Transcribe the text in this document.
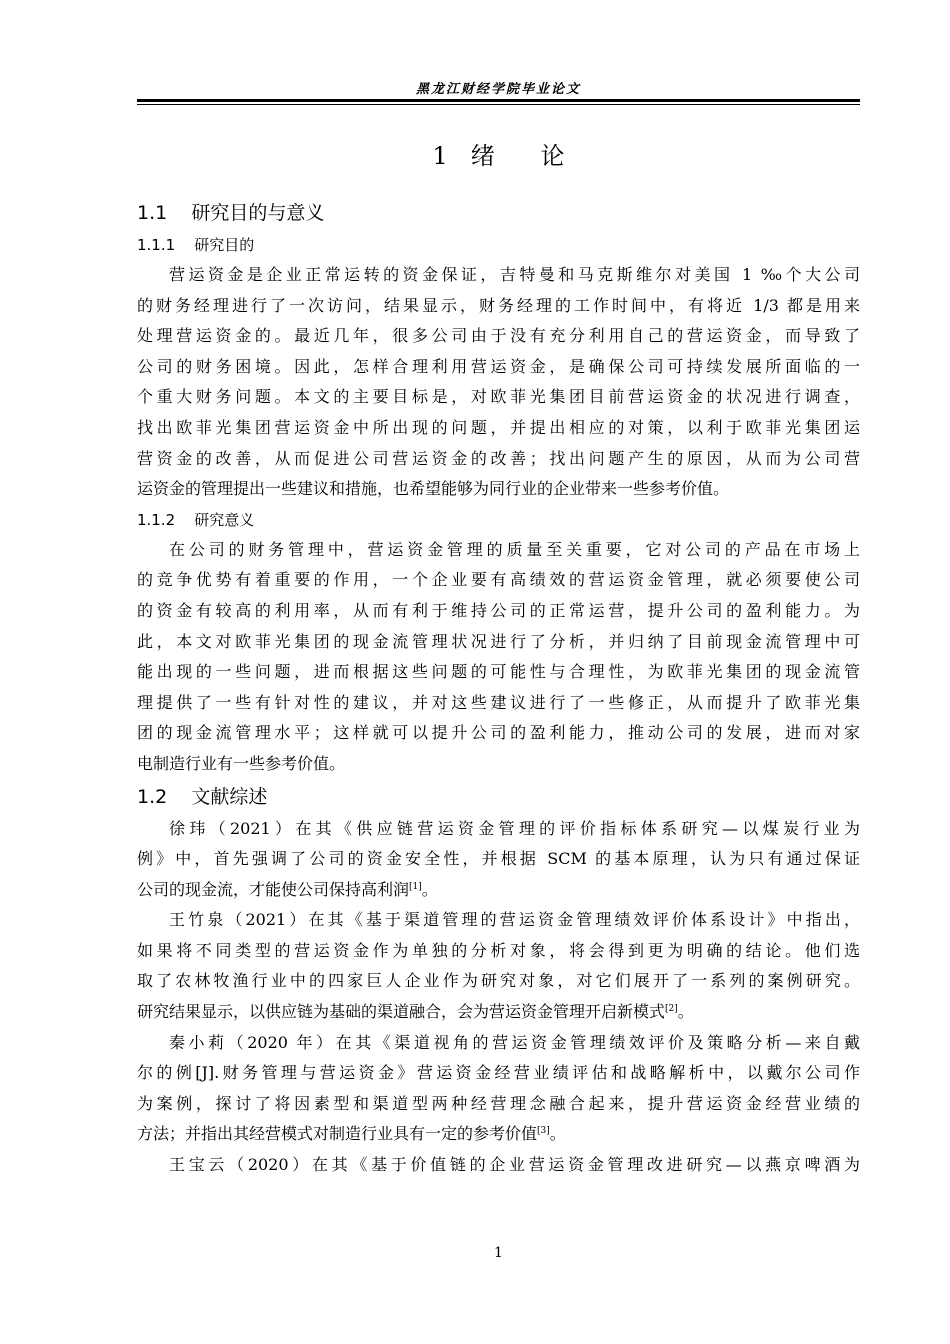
黑龙江财经学院毕业论文
1   绪      论
1.1    研究目的与意义
1.1.1    研究目的
营运资金是企业正常运转的资金保证，吉特曼和马克斯维尔对美国 1 ‰个大公司
的财务经理进行了一次访问，结果显示，财务经理的工作时间中，有将近 1/3 都是用来
处理营运资金的。最近几年，很多公司由于没有充分利用自己的营运资金，而导致了
公司的财务困境。因此，怎样合理利用营运资金，是确保公司可持续发展所面临的一
个重大财务问题。本文的主要目标是，对欧菲光集团目前营运资金的状况进行调查，
找出欧菲光集团营运资金中所出现的问题，并提出相应的对策，以利于欧菲光集团运
营资金的改善，从而促进公司营运资金的改善；找出问题产生的原因，从而为公司营
运资金的管理提出一些建议和措施，也希望能够为同行业的企业带来一些参考价值。
1.1.2    研究意义
在公司的财务管理中，营运资金管理的质量至关重要，它对公司的产品在市场上
的竞争优势有着重要的作用，一个企业要有高绩效的营运资金管理，就必须要使公司
的资金有较高的利用率，从而有利于维持公司的正常运营，提升公司的盈利能力。为
此，本文对欧菲光集团的现金流管理状况进行了分析，并归纳了目前现金流管理中可
能出现的一些问题，进而根据这些问题的可能性与合理性，为欧菲光集团的现金流管
理提供了一些有针对性的建议，并对这些建议进行了一些修正，从而提升了欧菲光集
团的现金流管理水平；这样就可以提升公司的盈利能力，推动公司的发展，进而对家
电制造行业有一些参考价值。
1.2    文献综述
徐玮（2021）在其《供应链营运资金管理的评价指标体系研究—以煤炭行业为
例》中，首先强调了公司的资金安全性，并根据 SCM 的基本原理，认为只有通过保证
公司的现金流，才能使公司保持高利润[1]。
王竹泉（2021）在其《基于渠道管理的营运资金管理绩效评价体系设计》中指出，
如果将不同类型的营运资金作为单独的分析对象，将会得到更为明确的结论。他们选
取了农林牧渔行业中的四家巨人企业作为研究对象，对它们展开了一系列的案例研究。
研究结果显示，以供应链为基础的渠道融合，会为营运资金管理开启新模式[2]。
秦小莉（2020 年）在其《渠道视角的营运资金管理绩效评价及策略分析—来自戴
尔的例[J].财务管理与营运资金》营运资金经营业绩评估和战略解析中，以戴尔公司作
为案例，探讨了将因素型和渠道型两种经营理念融合起来，提升营运资金经营业绩的
方法；并指出其经营模式对制造行业具有一定的参考价值[3]。
王宝云（2020）在其《基于价值链的企业营运资金管理改进研究—以燕京啤酒为
1
